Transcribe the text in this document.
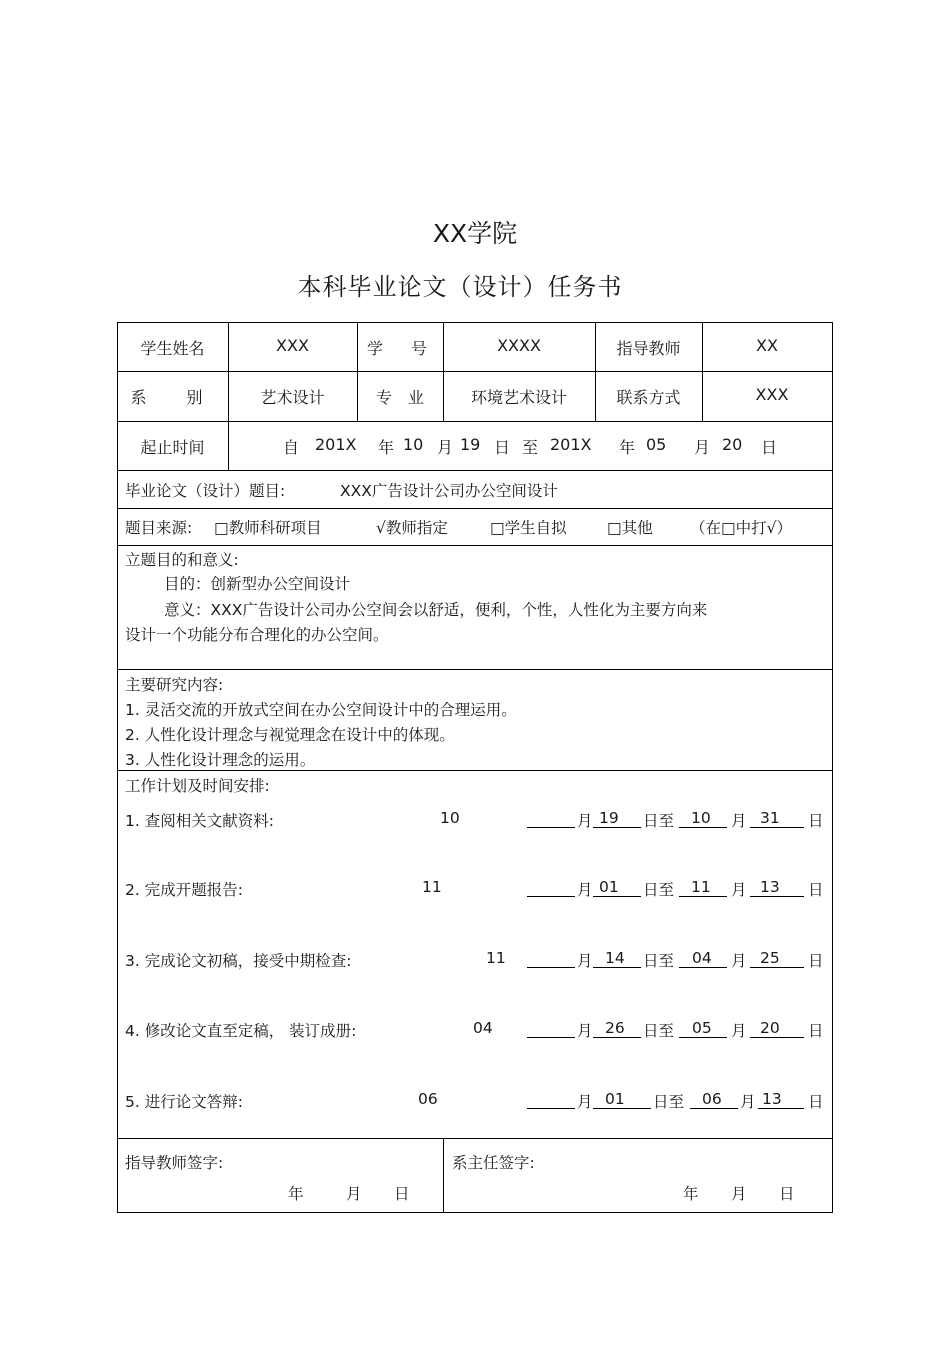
XX学院
本科毕业论文（设计）任务书
学生姓名	XXX	学　号	XXXX	指导教师	XX
系　别	艺术设计	专　业	环境艺术设计	联系方式	XXX
起止时间	自 201X 年 10 月 19 日 至 201X 年 05 月 20 日
毕业论文（设计）题目:	XXX广告设计公司办公空间设计
题目来源: □教师科研项目	√教师指定	□学生自拟	□其他 （在□中打√）
立题目的和意义:
目的：创新型办公空间设计
意义：XXX广告设计公司办公空间会以舒适，便利，个性，人性化为主要方向来
设计一个功能分布合理化的办公空间。
主要研究内容:
1. 灵活交流的开放式空间在办公空间设计中的合理运用。
2. 人性化设计理念与视觉理念在设计中的体现。
3. 人性化设计理念的运用。
工作计划及时间安排:
1. 查阅相关文献资料:	10	月 19 日至 10 月 31 日
2. 完成开题报告:	11	月 01 日至 11 月 13 日
3. 完成论文初稿，接受中期检查:	11	月 14 日至 04 月 25 日
4. 修改论文直至定稿， 装订成册:	04	月 26 日至 05 月 20 日
5. 进行论文答辩:	06	月 01 日至 06 月 13 日
指导教师签字:
年	月 日
系主任签字:
年 月 日
